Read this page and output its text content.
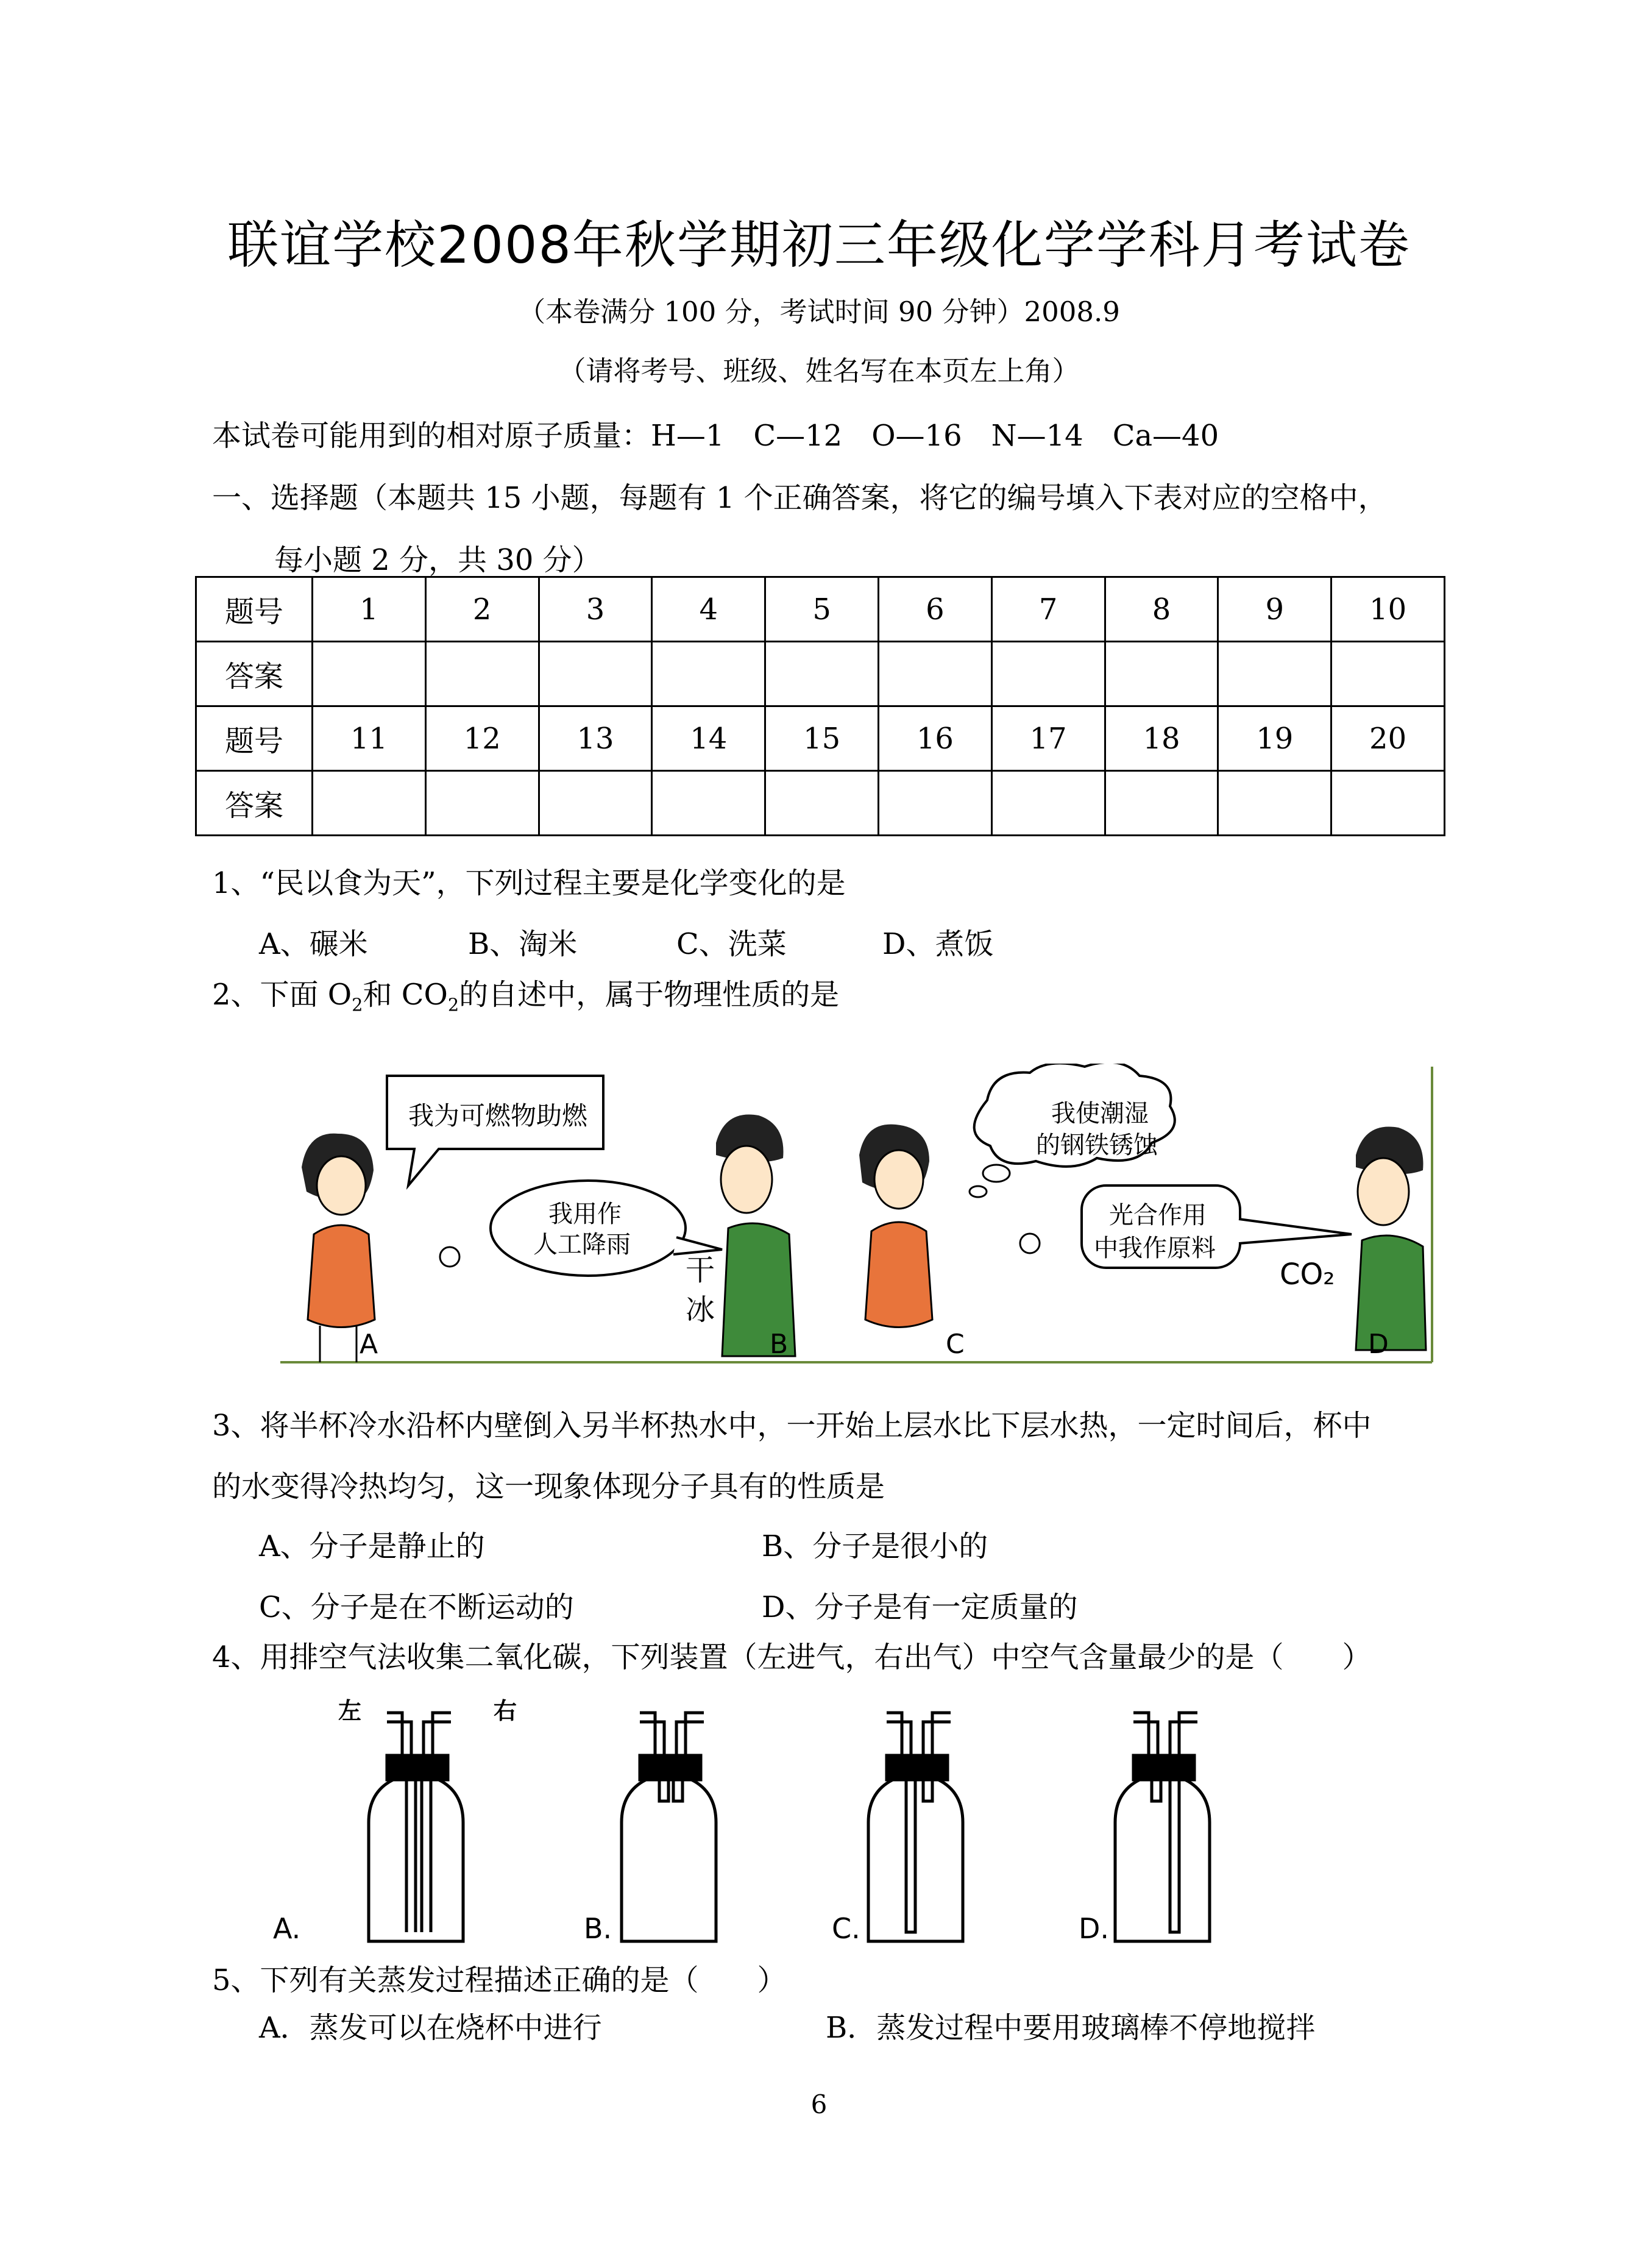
联谊学校2008年秋学期初三年级化学学科月考试卷
（本卷满分 100 分，考试时间 90 分钟）2008.9
（请将考号、班级、姓名写在本页左上角）
本试卷可能用到的相对原子质量：H—1　C—12　O—16　N—14　Ca—40
一、选择题（本题共 15 小题，每题有 1 个正确答案，将它的编号填入下表对应的空格中，
每小题 2 分，共 30 分）
题号	1	2	3	4	5	6	7	8	9	10
答案										
题号	11	12	13	14	15	16	17	18	19	20
答案										
1、“民以食为天”，下列过程主要是化学变化的是
A、碾米	B、淘米	C、洗菜	D、煮饭
2、下面 $O_2$和 $CO_2$的自述中，属于物理性质的是
我为可燃物助燃
我用作
人工降雨
干
冰
我使潮湿
的钢铁锈蚀
光合作用
中我作原料
CO₂
A	B	C	D
3、将半杯冷水沿杯内壁倒入另半杯热水中，一开始上层水比下层水热，一定时间后，杯中
的水变得冷热均匀，这一现象体现分子具有的性质是
A、分子是静止的	B、分子是很小的
C、分子是在不断运动的	D、分子是有一定质量的
4、用排空气法收集二氧化碳，下列装置（左进气，右出气）中空气含量最少的是（　　）
左	右
A.	B.	C.	D.
5、下列有关蒸发过程描述正确的是（　　）
A．蒸发可以在烧杯中进行	B．蒸发过程中要用玻璃棒不停地搅拌
6
